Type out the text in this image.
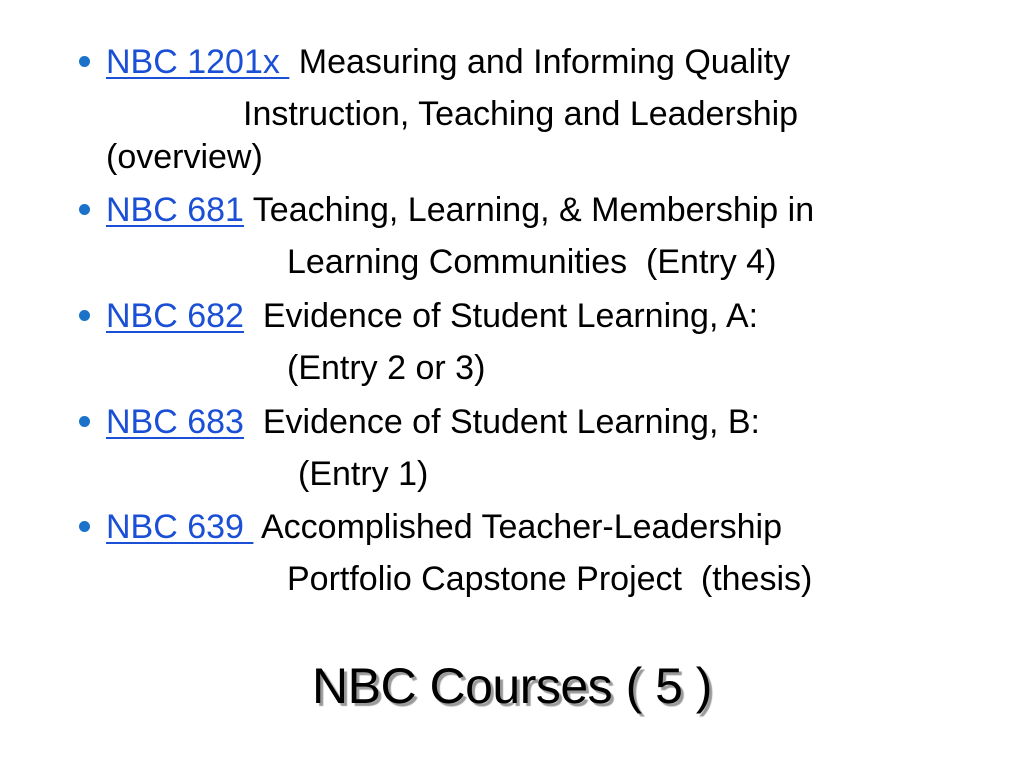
NBC 1201x  Measuring and Informing Quality
Instruction, Teaching and Leadership
(overview)
NBC 681 Teaching, Learning, & Membership in
Learning Communities  (Entry 4)
NBC 682  Evidence of Student Learning, A:
(Entry 2 or 3)
NBC 683  Evidence of Student Learning, B:
(Entry 1)
NBC 639  Accomplished Teacher-Leadership
Portfolio Capstone Project  (thesis)
NBC Courses ( 5 )
